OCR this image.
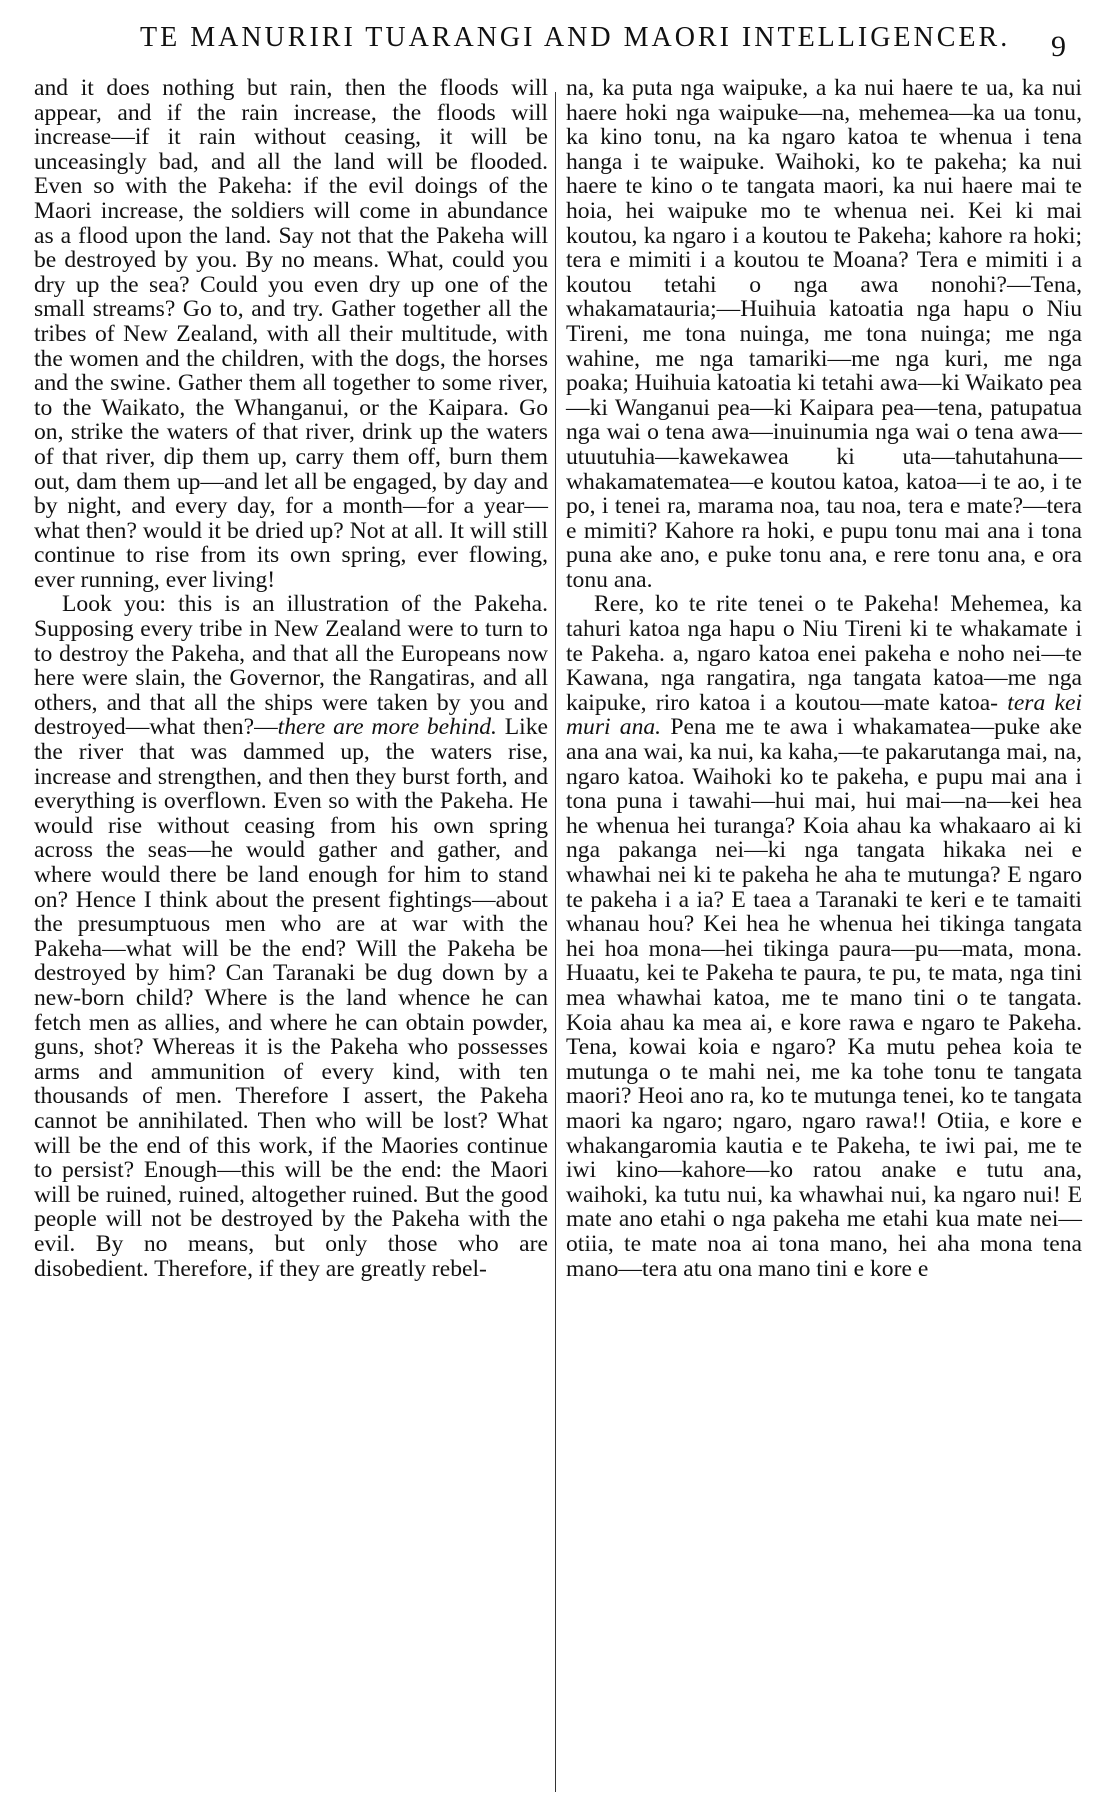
TE MANURIRI TUARANGI AND MAORI INTELLIGENCER. 9

and it does nothing but rain, then the floods will appear, and if the rain increase, the floods will increase—if it rain without ceasing, it will be unceasingly bad, and all the land will be flooded. Even so with the Pakeha: if the evil doings of the Maori increase, the soldiers will come in abundance as a flood upon the land. Say not that the Pakeha will be destroyed by you. By no means. What, could you dry up the sea? Could you even dry up one of the small streams? Go to, and try. Gather together all the tribes of New Zealand, with all their multitude, with the women and the children, with the dogs, the horses and the swine. Gather them all together to some river, to the Waikato, the Whanganui, or the Kaipara. Go on, strike the waters of that river, drink up the waters of that river, dip them up, carry them off, burn them out, dam them up—and let all be engaged, by day and by night, and every day, for a month—for a year—what then? would it be dried up? Not at all. It will still continue to rise from its own spring, ever flowing, ever running, ever living!

Look you: this is an illustration of the Pakeha. Supposing every tribe in New Zealand were to turn to to destroy the Pakeha, and that all the Europeans now here were slain, the Governor, the Rangatiras, and all others, and that all the ships were taken by you and destroyed—what then?—there are more behind. Like the river that was dammed up, the waters rise, increase and strengthen, and then they burst forth, and everything is overflown. Even so with the Pakeha. He would rise without ceasing from his own spring across the seas—he would gather and gather, and where would there be land enough for him to stand on? Hence I think about the present fightings—about the presumptuous men who are at war with the Pakeha—what will be the end? Will the Pakeha be destroyed by him? Can Taranaki be dug down by a new-born child? Where is the land whence he can fetch men as allies, and where he can obtain powder, guns, shot? Whereas it is the Pakeha who possesses arms and ammunition of every kind, with ten thousands of men. Therefore I assert, the Pakeha cannot be annihilated. Then who will be lost? What will be the end of this work, if the Maories continue to persist? Enough—this will be the end: the Maori will be ruined, ruined, altogether ruined. But the good people will not be destroyed by the Pakeha with the evil. By no means, but only those who are disobedient. Therefore, if they are greatly rebel-

na, ka puta nga waipuke, a ka nui haere te ua, ka nui haere hoki nga waipuke—na, mehemea—ka ua tonu, ka kino tonu, na ka ngaro katoa te whenua i tena hanga i te waipuke. Waihoki, ko te pakeha; ka nui haere te kino o te tangata maori, ka nui haere mai te hoia, hei waipuke mo te whenua nei. Kei ki mai koutou, ka ngaro i a koutou te Pakeha; kahore ra hoki; tera e mimiti i a koutou te Moana? Tera e mimiti i a koutou tetahi o nga awa nonohi?—Tena, whakamatauria;—Huihuia katoatia nga hapu o Niu Tireni, me tona nuinga, me tona nuinga; me nga wahine, me nga tamariki—me nga kuri, me nga poaka; Huihuia katoatia ki tetahi awa—ki Waikato pea—ki Wanganui pea—ki Kaipara pea—tena, patupatua nga wai o tena awa—inuinumia nga wai o tena awa—utuutuhia—kawekawea ki uta—tahutahuna—whakamatematea—e koutou katoa, katoa—i te ao, i te po, i tenei ra, marama noa, tau noa, tera e mate?—tera e mimiti? Kahore ra hoki, e pupu tonu mai ana i tona puna ake ano, e puke tonu ana, e rere tonu ana, e ora tonu ana.

Rere, ko te rite tenei o te Pakeha! Mehemea, ka tahuri katoa nga hapu o Niu Tireni ki te whakamate i te Pakeha. a, ngaro katoa enei pakeha e noho nei—te Kawana, nga rangatira, nga tangata katoa—me nga kaipuke, riro katoa i a koutou—mate katoa- tera kei muri ana. Pena me te awa i whakamatea—puke ake ana ana wai, ka nui, ka kaha,—te pakarutanga mai, na, ngaro katoa. Waihoki ko te pakeha, e pupu mai ana i tona puna i tawahi—hui mai, hui mai—na—kei hea he whenua hei turanga? Koia ahau ka whakaaro ai ki nga pakanga nei—ki nga tangata hikaka nei e whawhai nei ki te pakeha he aha te mutunga? E ngaro te pakeha i a ia? E taea a Taranaki te keri e te tamaiti whanau hou? Kei hea he whenua hei tikinga tangata hei hoa mona—hei tikinga paura—pu—mata, mona. Huaatu, kei te Pakeha te paura, te pu, te mata, nga tini mea whawhai katoa, me te mano tini o te tangata. Koia ahau ka mea ai, e kore rawa e ngaro te Pakeha. Tena, kowai koia e ngaro? Ka mutu pehea koia te mutunga o te mahi nei, me ka tohe tonu te tangata maori? Heoi ano ra, ko te mutunga tenei, ko te tangata maori ka ngaro; ngaro, ngaro rawa!! Otiia, e kore e whakangaromia kautia e te Pakeha, te iwi pai, me te iwi kino—kahore—ko ratou anake e tutu ana, waihoki, ka tutu nui, ka whawhai nui, ka ngaro nui! E mate ano etahi o nga pakeha me etahi kua mate nei—otiia, te mate noa ai tona mano, hei aha mona tena mano—tera atu ona mano tini e kore e
